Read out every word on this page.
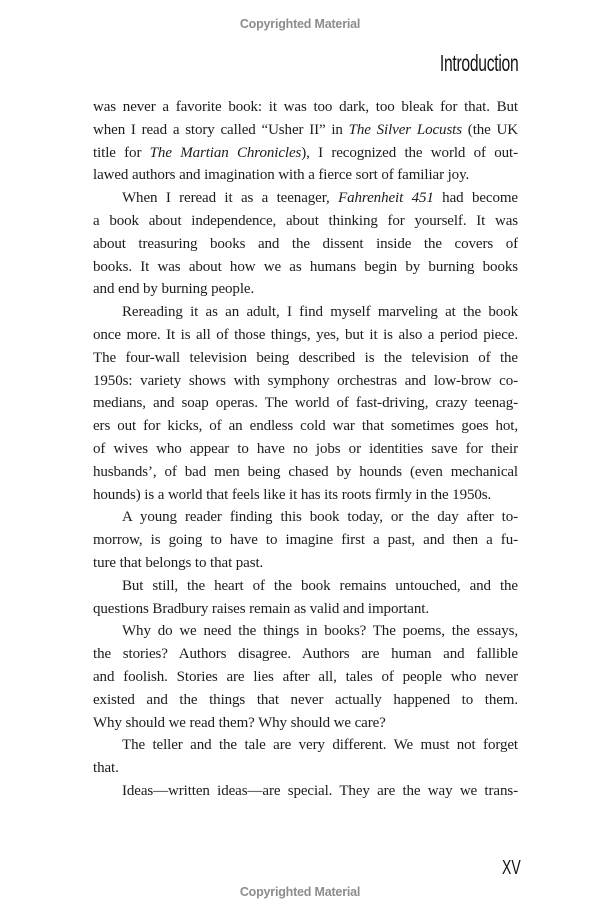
Copyrighted Material
Introduction
was never a favorite book: it was too dark, too bleak for that. But
when I read a story called “Usher II” in The Silver Locusts (the UK
title for The Martian Chronicles), I recognized the world of out-
lawed authors and imagination with a fierce sort of familiar joy.
When I reread it as a teenager, Fahrenheit 451 had become
a book about independence, about thinking for yourself. It was
about treasuring books and the dissent inside the covers of
books. It was about how we as humans begin by burning books
and end by burning people.
Rereading it as an adult, I find myself marveling at the book
once more. It is all of those things, yes, but it is also a period piece.
The four-wall television being described is the television of the
1950s: variety shows with symphony orchestras and low-brow co-
medians, and soap operas. The world of fast-driving, crazy teenag-
ers out for kicks, of an endless cold war that sometimes goes hot,
of wives who appear to have no jobs or identities save for their
husbands’, of bad men being chased by hounds (even mechanical
hounds) is a world that feels like it has its roots firmly in the 1950s.
A young reader finding this book today, or the day after to-
morrow, is going to have to imagine first a past, and then a fu-
ture that belongs to that past.
But still, the heart of the book remains untouched, and the
questions Bradbury raises remain as valid and important.
Why do we need the things in books? The poems, the essays,
the stories? Authors disagree. Authors are human and fallible
and foolish. Stories are lies after all, tales of people who never
existed and the things that never actually happened to them.
Why should we read them? Why should we care?
The teller and the tale are very different. We must not forget
that.
Ideas—written ideas—are special. They are the way we trans-
XV
Copyrighted Material
